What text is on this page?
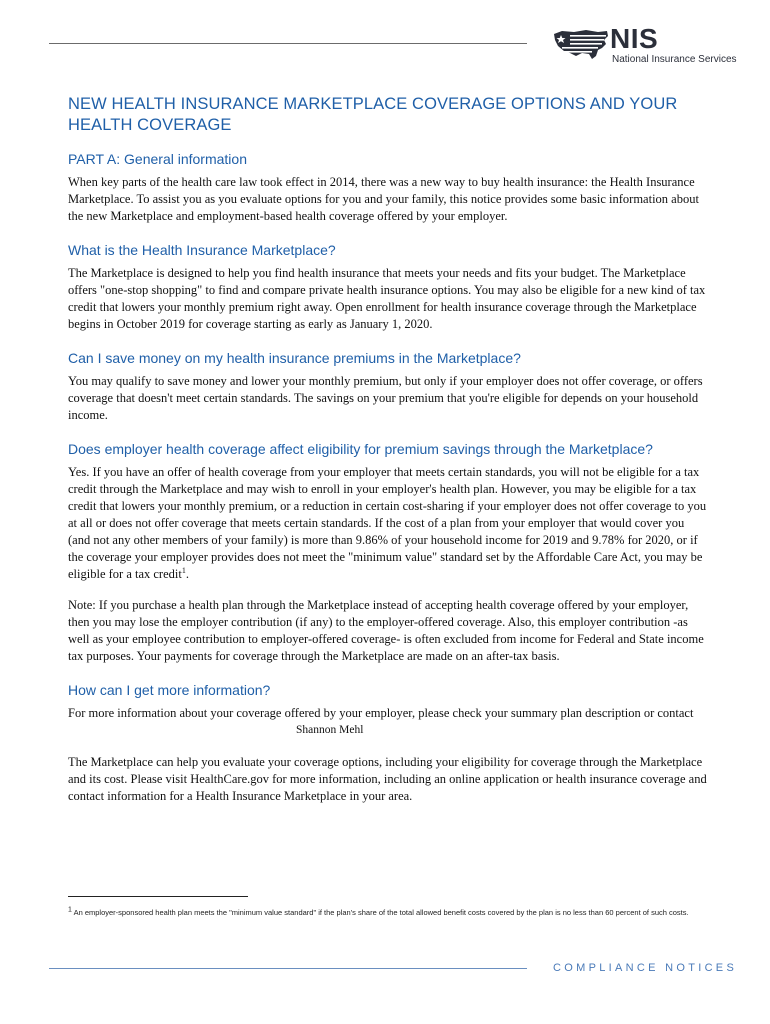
NIS
National Insurance Services
NEW HEALTH INSURANCE MARKETPLACE COVERAGE OPTIONS AND YOUR HEALTH COVERAGE
PART A: General information

When key parts of the health care law took effect in 2014, there was a new way to buy health insurance: the Health Insurance Marketplace. To assist you as you evaluate options for you and your family, this notice provides some basic information about the new Marketplace and employment-based health coverage offered by your employer.

What is the Health Insurance Marketplace?

The Marketplace is designed to help you find health insurance that meets your needs and fits your budget. The Marketplace offers "one-stop shopping" to find and compare private health insurance options. You may also be eligible for a new kind of tax credit that lowers your monthly premium right away. Open enrollment for health insurance coverage through the Marketplace begins in October 2019 for coverage starting as early as January 1, 2020.

Can I save money on my health insurance premiums in the Marketplace?

You may qualify to save money and lower your monthly premium, but only if your employer does not offer coverage, or offers coverage that doesn't meet certain standards. The savings on your premium that you're eligible for depends on your household income.

Does employer health coverage affect eligibility for premium savings through the Marketplace?

Yes. If you have an offer of health coverage from your employer that meets certain standards, you will not be eligible for a tax credit through the Marketplace and may wish to enroll in your employer's health plan. However, you may be eligible for a tax credit that lowers your monthly premium, or a reduction in certain cost-sharing if your employer does not offer coverage to you at all or does not offer coverage that meets certain standards. If the cost of a plan from your employer that would cover you (and not any other members of your family) is more than 9.86% of your household income for 2019 and 9.78% for 2020, or if the coverage your employer provides does not meet the "minimum value" standard set by the Affordable Care Act, you may be eligible for a tax credit$^1$.

Note: If you purchase a health plan through the Marketplace instead of accepting health coverage offered by your employer, then you may lose the employer contribution (if any) to the employer-offered coverage. Also, this employer contribution -as well as your employee contribution to employer-offered coverage- is often excluded from income for Federal and State income tax purposes. Your payments for coverage through the Marketplace are made on an after-tax basis.

How can I get more information?

For more information about your coverage offered by your employer, please check your summary plan description or contact

Shannon Mehl

The Marketplace can help you evaluate your coverage options, including your eligibility for coverage through the Marketplace and its cost. Please visit HealthCare.gov for more information, including an online application or health insurance coverage and contact information for a Health Insurance Marketplace in your area.

$^1$ An employer-sponsored health plan meets the "minimum value standard" if the plan's share of the total allowed benefit costs covered by the plan is no less than 60 percent of such costs.
COMPLIANCE NOTICES
